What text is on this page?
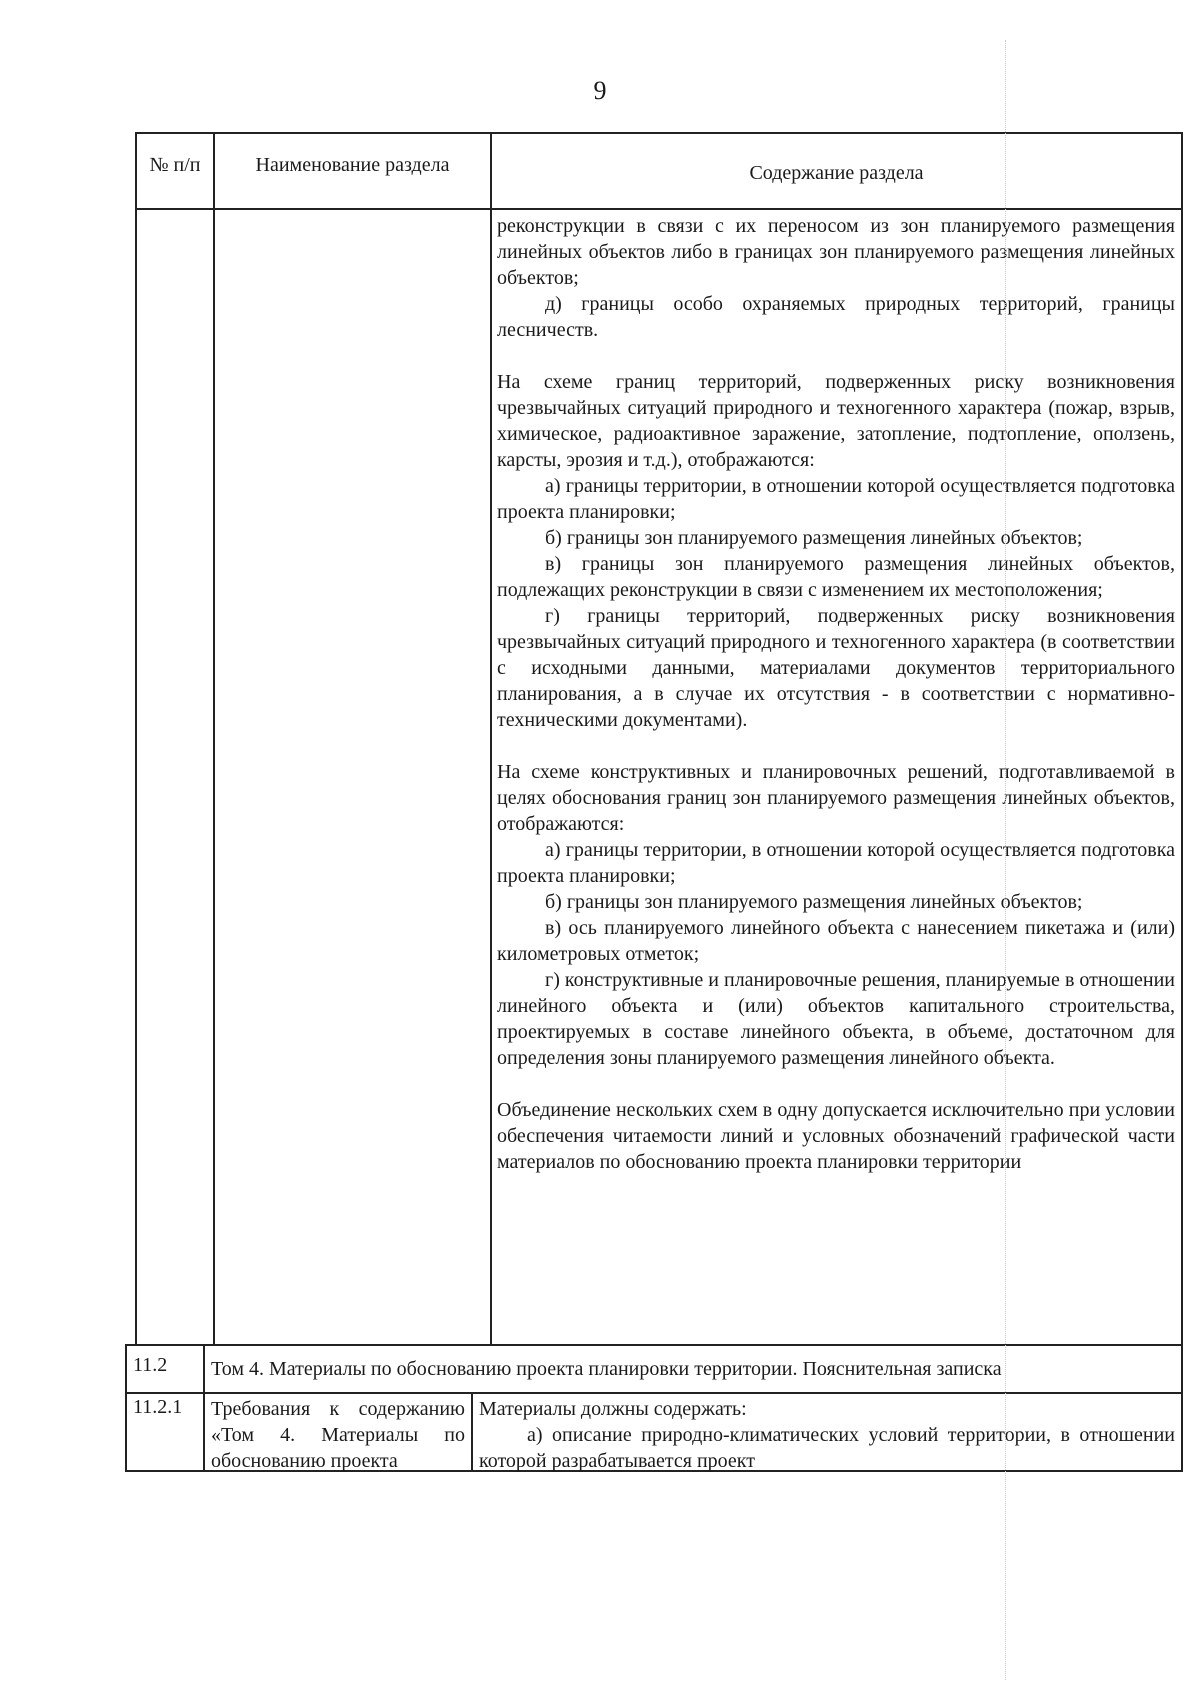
9
№ п/п	Наименование раздела	Содержание раздела

реконструкции в связи с их переносом из зон планируемого размещения линейных объектов либо в границах зон планируемого размещения линейных объектов;

д) границы особо охраняемых природных территорий, границы лесничеств.

На схеме границ территорий, подверженных риску возникновения чрезвычайных ситуаций природного и техногенного характера (пожар, взрыв, химическое, радиоактивное заражение, затопление, подтопление, оползень, карсты, эрозия и т.д.), отображаются:

а) границы территории, в отношении которой осуществляется подготовка проекта планировки;

б) границы зон планируемого размещения линейных объектов;

в) границы зон планируемого размещения линейных объектов, подлежащих реконструкции в связи с изменением их местоположения;

г) границы территорий, подверженных риску возникновения чрезвычайных ситуаций природного и техногенного характера (в соответствии с исходными данными, материалами документов территориального планирования, а в случае их отсутствия - в соответствии с нормативно-техническими документами).

На схеме конструктивных и планировочных решений, подготавливаемой в целях обоснования границ зон планируемого размещения линейных объектов, отображаются:

а) границы территории, в отношении которой осуществляется подготовка проекта планировки;

б) границы зон планируемого размещения линейных объектов;

в) ось планируемого линейного объекта с нанесением пикетажа и (или) километровых отметок;

г) конструктивные и планировочные решения, планируемые в отношении линейного объекта и (или) объектов капитального строительства, проектируемых в составе линейного объекта, в объеме, достаточном для определения зоны планируемого размещения линейного объекта.

Объединение нескольких схем в одну допускается исключительно при условии обеспечения читаемости линий и условных обозначений графической части материалов по обоснованию проекта планировки территории

11.2 Том 4. Материалы по обоснованию проекта планировки территории. Пояснительная записка
11.2.1 Требования к содержанию «Том 4. Материалы по обоснованию проекта

Материалы должны содержать:

а) описание природно-климатических условий территории, в отношении которой разрабатывается проект
